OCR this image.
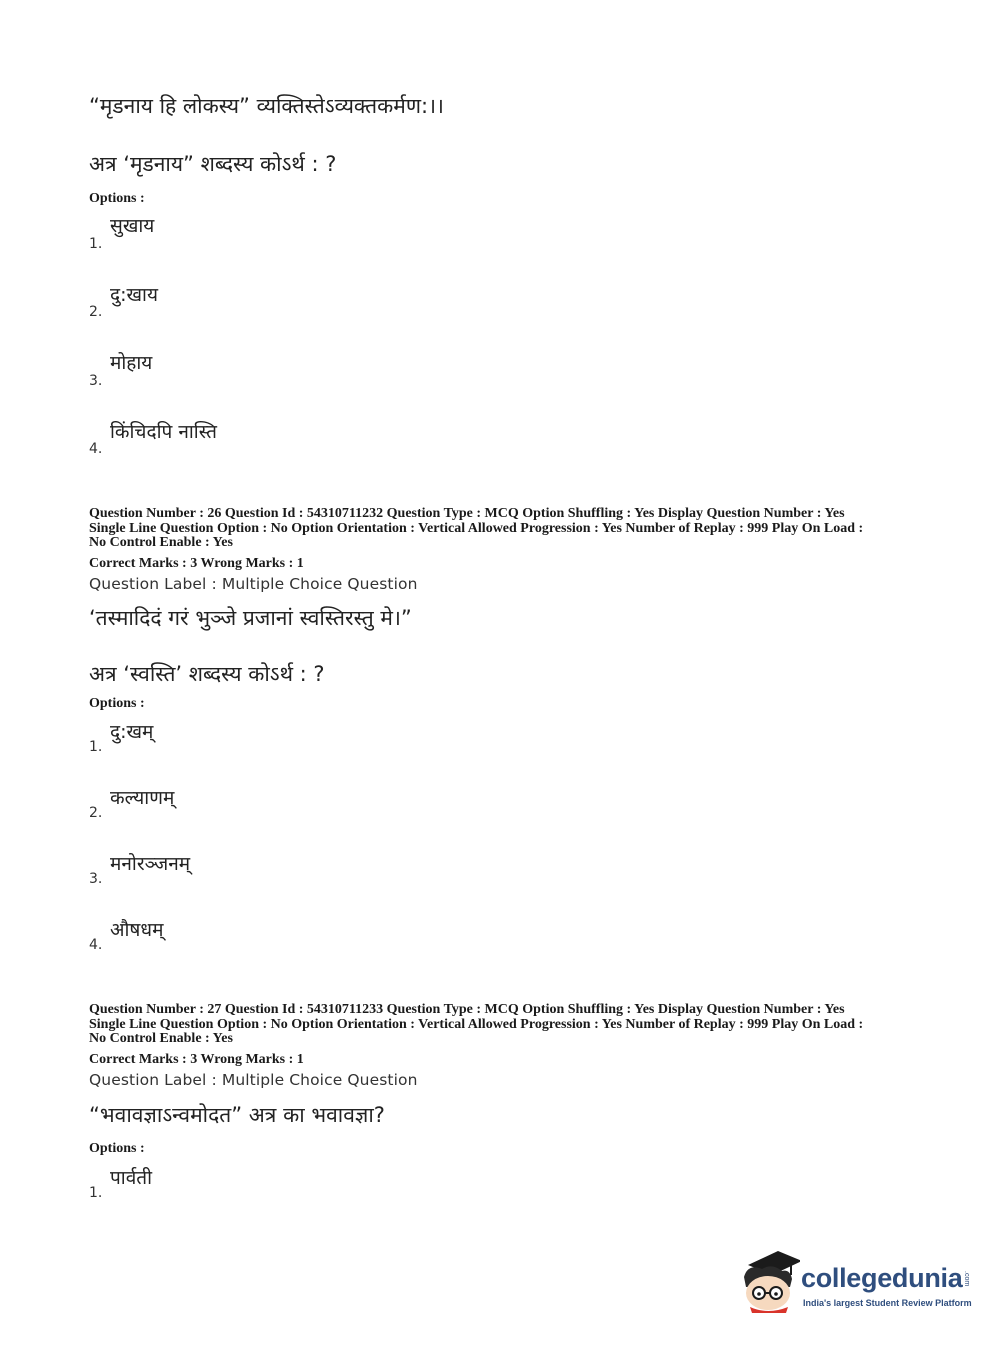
“मृडनाय हि लोकस्य” व्यक्तिस्तेऽव्यक्तकर्मण:।।
अत्र ‘मृडनाय” शब्दस्य कोऽर्थ : ?
Options :
सुखाय
1.
दु:खाय
2.
मोहाय
3.
किंचिदपि नास्ति
4.
Question Number : 26 Question Id : 54310711232 Question Type : MCQ Option Shuffling : Yes Display Question Number : Yes
Single Line Question Option : No Option Orientation : Vertical Allowed Progression : Yes Number of Replay : 999 Play On Load :
No Control Enable : Yes
Correct Marks : 3 Wrong Marks : 1
Question Label : Multiple Choice Question
‘तस्मादिदं गरं भुञ्जे प्रजानां स्वस्तिरस्तु मे।”
अत्र ‘स्वस्ति’ शब्दस्य कोऽर्थ : ?
Options :
दु:खम्
1.
कल्याणम्
2.
मनोरञ्जनम्
3.
औषधम्
4.
Question Number : 27 Question Id : 54310711233 Question Type : MCQ Option Shuffling : Yes Display Question Number : Yes
Single Line Question Option : No Option Orientation : Vertical Allowed Progression : Yes Number of Replay : 999 Play On Load :
No Control Enable : Yes
Correct Marks : 3 Wrong Marks : 1
Question Label : Multiple Choice Question
“भवावज्ञाऽन्वमोदत” अत्र का भवावज्ञा?
Options :
पार्वती
1.
collegedunia .com
India's largest Student Review Platform
